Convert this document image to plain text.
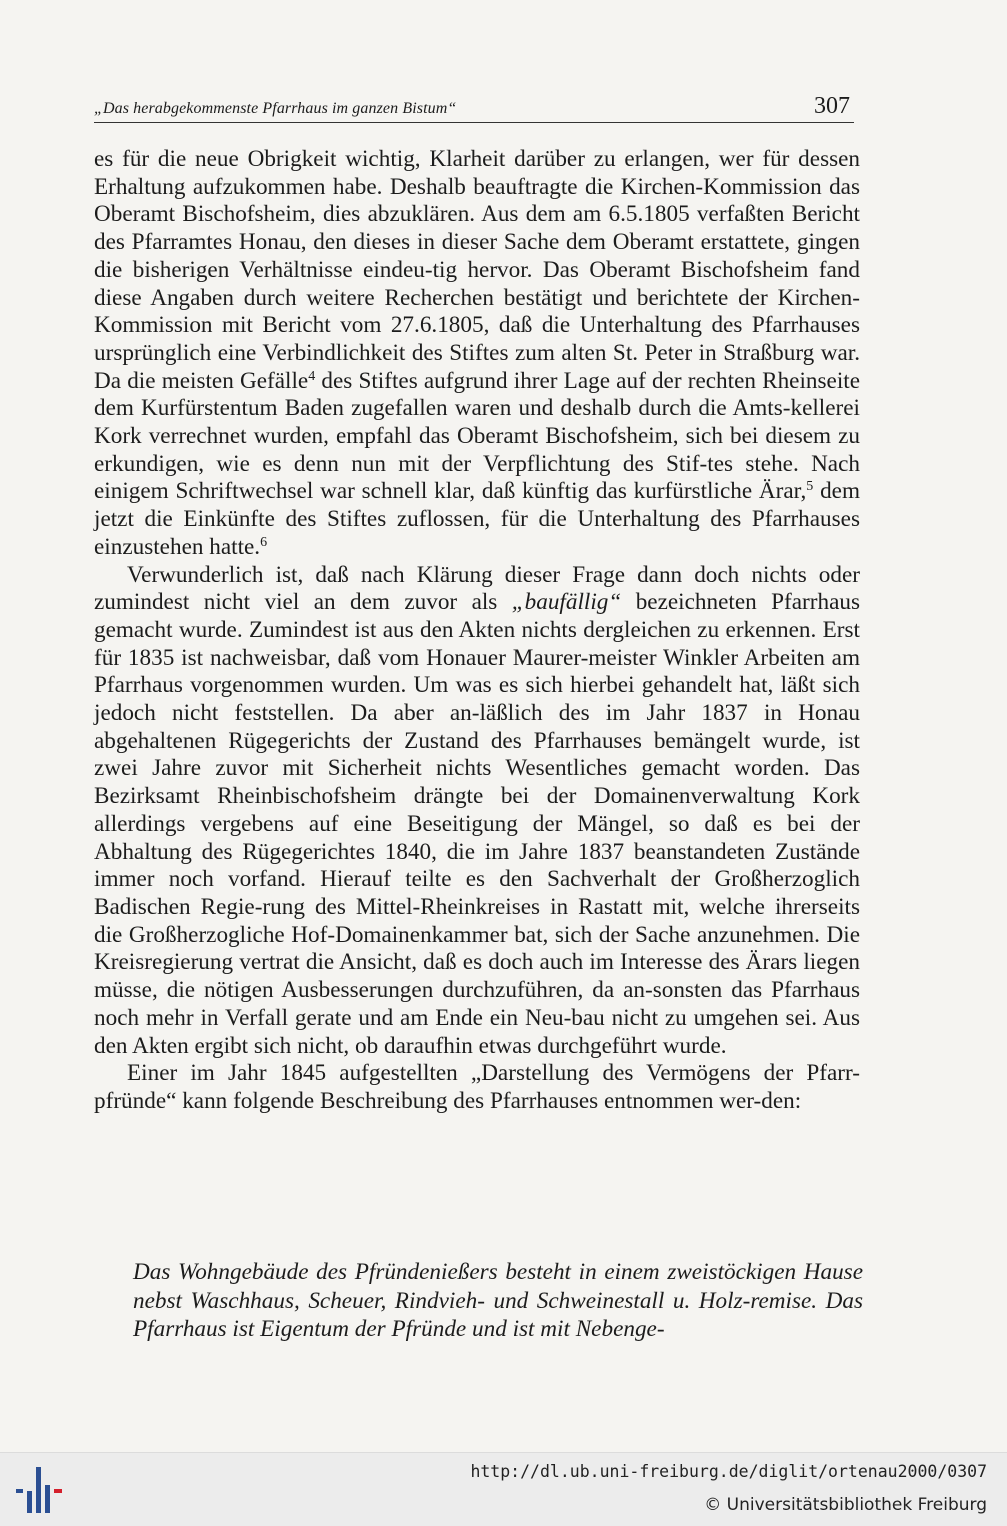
„Das herabgekommenste Pfarrhaus im ganzen Bistum“	307

es für die neue Obrigkeit wichtig, Klarheit darüber zu erlangen, wer für dessen Erhaltung aufzukommen habe. Deshalb beauftragte die Kirchen-Kommission das Oberamt Bischofsheim, dies abzuklären. Aus dem am 6.5.1805 verfaßten Bericht des Pfarramtes Honau, den dieses in dieser Sache dem Oberamt erstattete, gingen die bisherigen Verhältnisse eindeu-tig hervor. Das Oberamt Bischofsheim fand diese Angaben durch weitere Recherchen bestätigt und berichtete der Kirchen-Kommission mit Bericht vom 27.6.1805, daß die Unterhaltung des Pfarrhauses ursprünglich eine Verbindlichkeit des Stiftes zum alten St. Peter in Straßburg war. Da die meisten Gefälle$^4$ des Stiftes aufgrund ihrer Lage auf der rechten Rheinseite dem Kurfürstentum Baden zugefallen waren und deshalb durch die Amts-kellerei Kork verrechnet wurden, empfahl das Oberamt Bischofsheim, sich bei diesem zu erkundigen, wie es denn nun mit der Verpflichtung des Stif-tes stehe. Nach einigem Schriftwechsel war schnell klar, daß künftig das kurfürstliche Ärar,$^5$ dem jetzt die Einkünfte des Stiftes zuflossen, für die Unterhaltung des Pfarrhauses einzustehen hatte.$^6$

Verwunderlich ist, daß nach Klärung dieser Frage dann doch nichts oder zumindest nicht viel an dem zuvor als „baufällig“ bezeichneten Pfarrhaus gemacht wurde. Zumindest ist aus den Akten nichts dergleichen zu erkennen. Erst für 1835 ist nachweisbar, daß vom Honauer Maurer-meister Winkler Arbeiten am Pfarrhaus vorgenommen wurden. Um was es sich hierbei gehandelt hat, läßt sich jedoch nicht feststellen. Da aber an-läßlich des im Jahr 1837 in Honau abgehaltenen Rügegerichts der Zustand des Pfarrhauses bemängelt wurde, ist zwei Jahre zuvor mit Sicherheit nichts Wesentliches gemacht worden. Das Bezirksamt Rheinbischofsheim drängte bei der Domainenverwaltung Kork allerdings vergebens auf eine Beseitigung der Mängel, so daß es bei der Abhaltung des Rügegerichtes 1840, die im Jahre 1837 beanstandeten Zustände immer noch vorfand. Hierauf teilte es den Sachverhalt der Großherzoglich Badischen Regie-rung des Mittel-Rheinkreises in Rastatt mit, welche ihrerseits die Großherzogliche Hof-Domainenkammer bat, sich der Sache anzunehmen. Die Kreisregierung vertrat die Ansicht, daß es doch auch im Interesse des Ärars liegen müsse, die nötigen Ausbesserungen durchzuführen, da an-sonsten das Pfarrhaus noch mehr in Verfall gerate und am Ende ein Neu-bau nicht zu umgehen sei. Aus den Akten ergibt sich nicht, ob daraufhin etwas durchgeführt wurde.

Einer im Jahr 1845 aufgestellten „Darstellung des Vermögens der Pfarr-pfründe“ kann folgende Beschreibung des Pfarrhauses entnommen wer-den:

Das Wohngebäude des Pfründenießers besteht in einem zweistöckigen Hause nebst Waschhaus, Scheuer, Rindvieh- und Schweinestall u. Holz-remise. Das Pfarrhaus ist Eigentum der Pfründe und ist mit Nebenge-
http://dl.ub.uni-freiburg.de/diglit/ortenau2000/0307
© Universitätsbibliothek Freiburg
